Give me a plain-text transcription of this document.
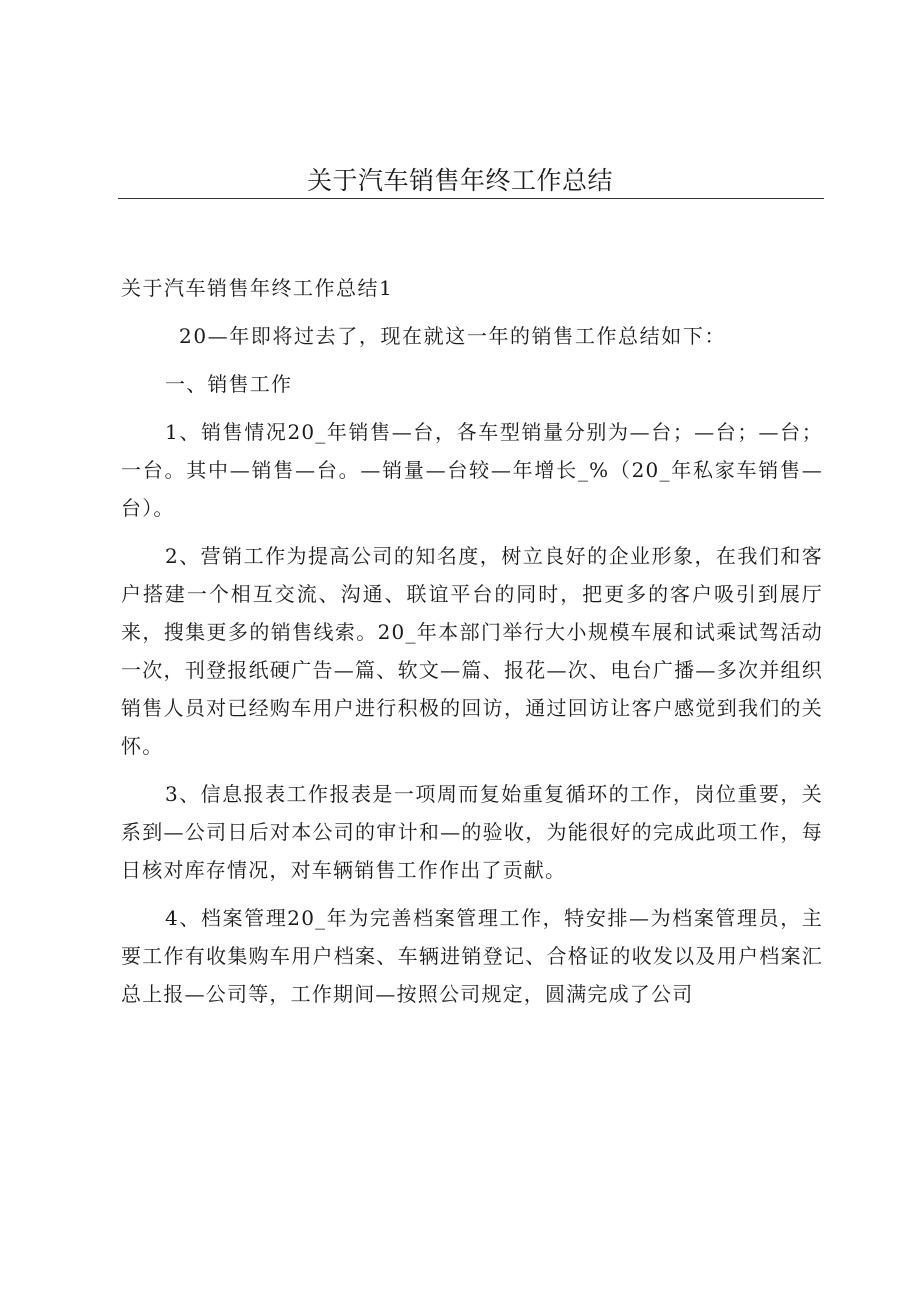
关于汽车销售年终工作总结
关于汽车销售年终工作总结1

20—年即将过去了，现在就这一年的销售工作总结如下：

一、销售工作

1、销售情况20_年销售—台，各车型销量分别为—台；—台；—台；一台。其中—销售—台。—销量—台较—年增长_%（20_年私家车销售—台）。

2、营销工作为提高公司的知名度，树立良好的企业形象，在我们和客户搭建一个相互交流、沟通、联谊平台的同时，把更多的客户吸引到展厅来，搜集更多的销售线索。20_年本部门举行大小规模车展和试乘试驾活动一次，刊登报纸硬广告—篇、软文—篇、报花—次、电台广播—多次并组织销售人员对已经购车用户进行积极的回访，通过回访让客户感觉到我们的关怀。

3、信息报表工作报表是一项周而复始重复循环的工作，岗位重要，关系到—公司日后对本公司的审计和—的验收，为能很好的完成此项工作，每日核对库存情况，对车辆销售工作作出了贡献。

4、档案管理20_年为完善档案管理工作，特安排—为档案管理员，主要工作有收集购车用户档案、车辆进销登记、合格证的收发以及用户档案汇总上报—公司等，工作期间—按照公司规定，圆满完成了公司
